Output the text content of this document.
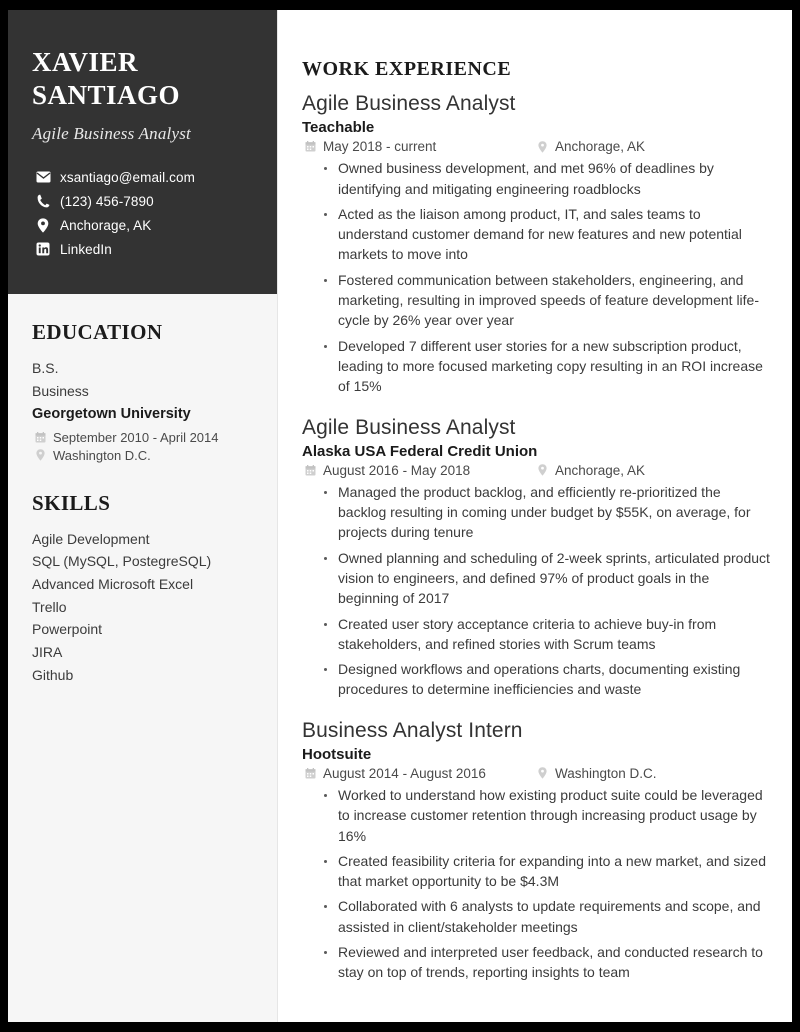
XAVIER
SANTIAGO
Agile Business Analyst
xsantiago@email.com
(123) 456-7890
Anchorage, AK
LinkedIn
EDUCATION
B.S.
Business
Georgetown University
September 2010 - April 2014
Washington D.C.
SKILLS
Agile Development
SQL (MySQL, PostegreSQL)
Advanced Microsoft Excel
Trello
Powerpoint
JIRA
Github
WORK EXPERIENCE
Agile Business Analyst
Teachable
May 2018 - current	Anchorage, AK
Owned business development, and met 96% of deadlines by identifying and mitigating engineering roadblocks
Acted as the liaison among product, IT, and sales teams to understand customer demand for new features and new potential markets to move into
Fostered communication between stakeholders, engineering, and marketing, resulting in improved speeds of feature development life-cycle by 26% year over year
Developed 7 different user stories for a new subscription product, leading to more focused marketing copy resulting in an ROI increase of 15%
Agile Business Analyst
Alaska USA Federal Credit Union
August 2016 - May 2018	Anchorage, AK
Managed the product backlog, and efficiently re-prioritized the backlog resulting in coming under budget by $55K, on average, for projects during tenure
Owned planning and scheduling of 2-week sprints, articulated product vision to engineers, and defined 97% of product goals in the beginning of 2017
Created user story acceptance criteria to achieve buy-in from stakeholders, and refined stories with Scrum teams
Designed workflows and operations charts, documenting existing procedures to determine inefficiencies and waste
Business Analyst Intern
Hootsuite
August 2014 - August 2016	Washington D.C.
Worked to understand how existing product suite could be leveraged to increase customer retention through increasing product usage by 16%
Created feasibility criteria for expanding into a new market, and sized that market opportunity to be $4.3M
Collaborated with 6 analysts to update requirements and scope, and assisted in client/stakeholder meetings
Reviewed and interpreted user feedback, and conducted research to stay on top of trends, reporting insights to team
